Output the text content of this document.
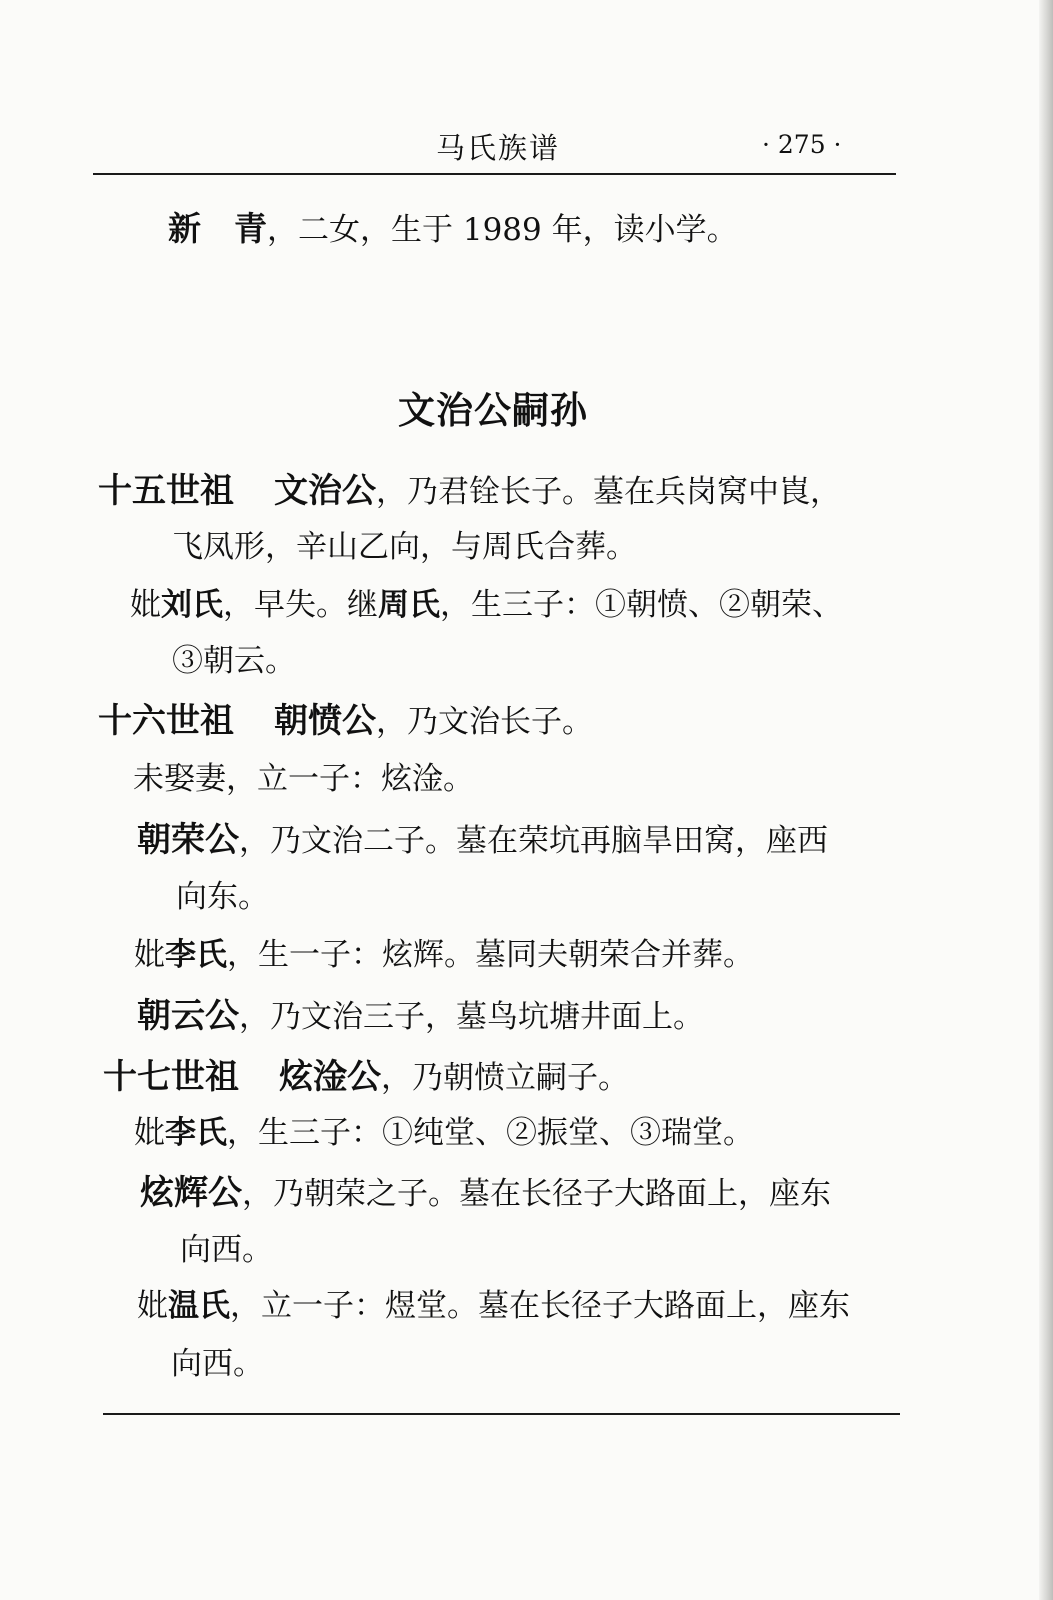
马氏族谱	· 275 ·
新　青，二女，生于 1989 年，读小学。
文治公嗣孙
十五世祖 文治公，乃君铨长子。墓在兵岗窝中崀，
飞凤形，辛山乙向，与周氏合葬。
妣刘氏，早失。继周氏，生三子：①朝愤、②朝荣、
③朝云。
十六世祖 朝愤公，乃文治长子。
未娶妻，立一子：炫淦。
朝荣公，乃文治二子。墓在荣坑再脑旱田窝，座西
向东。
妣李氏，生一子：炫辉。墓同夫朝荣合并葬。
朝云公，乃文治三子，墓鸟坑塘井面上。
十七世祖 炫淦公，乃朝愤立嗣子。
妣李氏，生三子：①纯堂、②振堂、③瑞堂。
炫辉公，乃朝荣之子。墓在长径子大路面上，座东
向西。
妣温氏，立一子：煜堂。墓在长径子大路面上，座东
向西。
